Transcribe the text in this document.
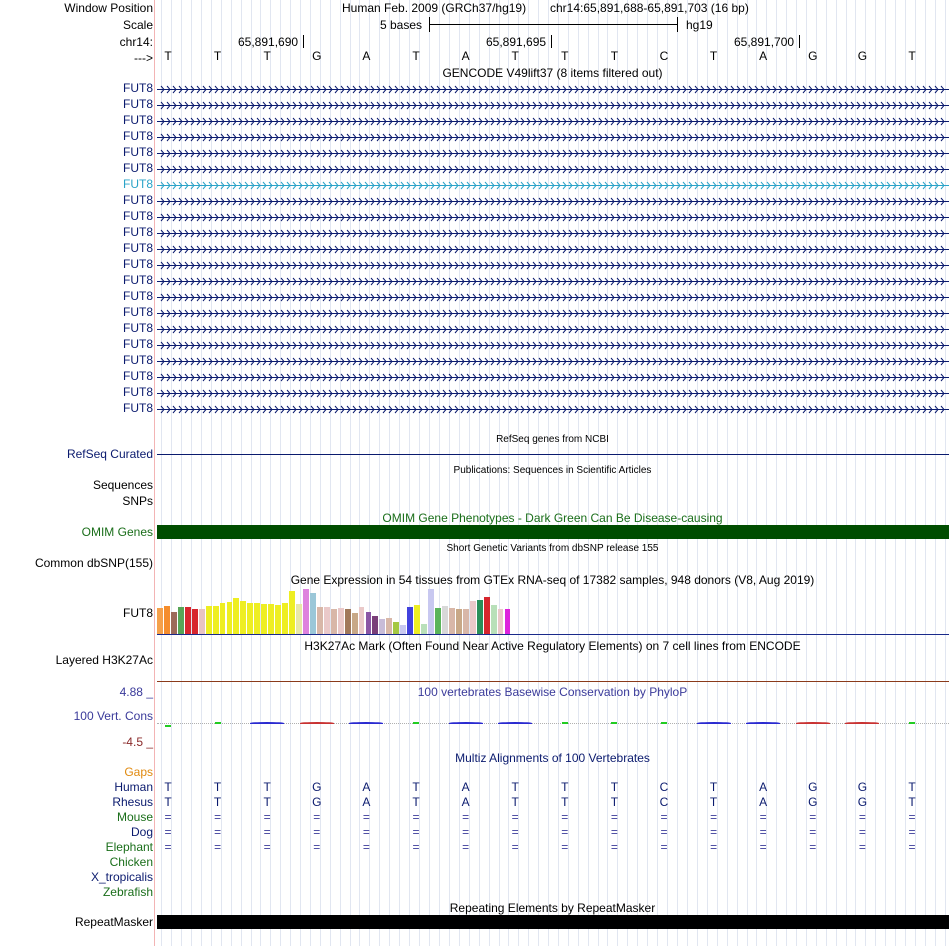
Window Position	Human Feb. 2009 (GRCh37/hg19) chr14:65,891,688-65,891,703 (16 bp)
Scale	5 bases	hg19
chr14:	65,891,690	65,891,695	65,891,700
--->
GENCODE V49lift37 (8 items filtered out)
RefSeq genes from NCBI
RefSeq Curated
Publications: Sequences in Scientific Articles
Sequences
SNPs
OMIM Gene Phenotypes - Dark Green Can Be Disease-causing
OMIM Genes
Short Genetic Variants from dbSNP release 155
Common dbSNP(155)
Gene Expression in 54 tissues from GTEx RNA-seq of 17382 samples, 948 donors (V8, Aug 2019)
FUT8
H3K27Ac Mark (Often Found Near Active Regulatory Elements) on 7 cell lines from ENCODE
Layered H3K27Ac
100 vertebrates Basewise Conservation by PhyloP
4.88 _
100 Vert. Cons
-4.5 _
Multiz Alignments of 100 Vertebrates
Gaps
Repeating Elements by RepeatMasker
RepeatMasker
T	T	T	G	A	T	A	T	T	T	C	T	A	G	G	T
FUT8
FUT8
FUT8
FUT8
FUT8
FUT8
FUT8
FUT8
FUT8
FUT8
FUT8
FUT8
FUT8
FUT8
FUT8
FUT8
FUT8
FUT8
FUT8
FUT8
FUT8
Human T	T	T	G	A	T	A	T	T	T	C	T	A	G	G	T
Rhesus T	T	T	G	A	T	A	T	T	T	C	T	A	G	G	T
Mouse =	=	=	=	=	=	=	=	=	=	=	=	=	=	=	=
Dog =	=	=	=	=	=	=	=	=	=	=	=	=	=	=	=
Elephant =	=	=	=	=	=	=	=	=	=	=	=	=	=	=	=
Chicken
X_tropicalis
Zebrafish
